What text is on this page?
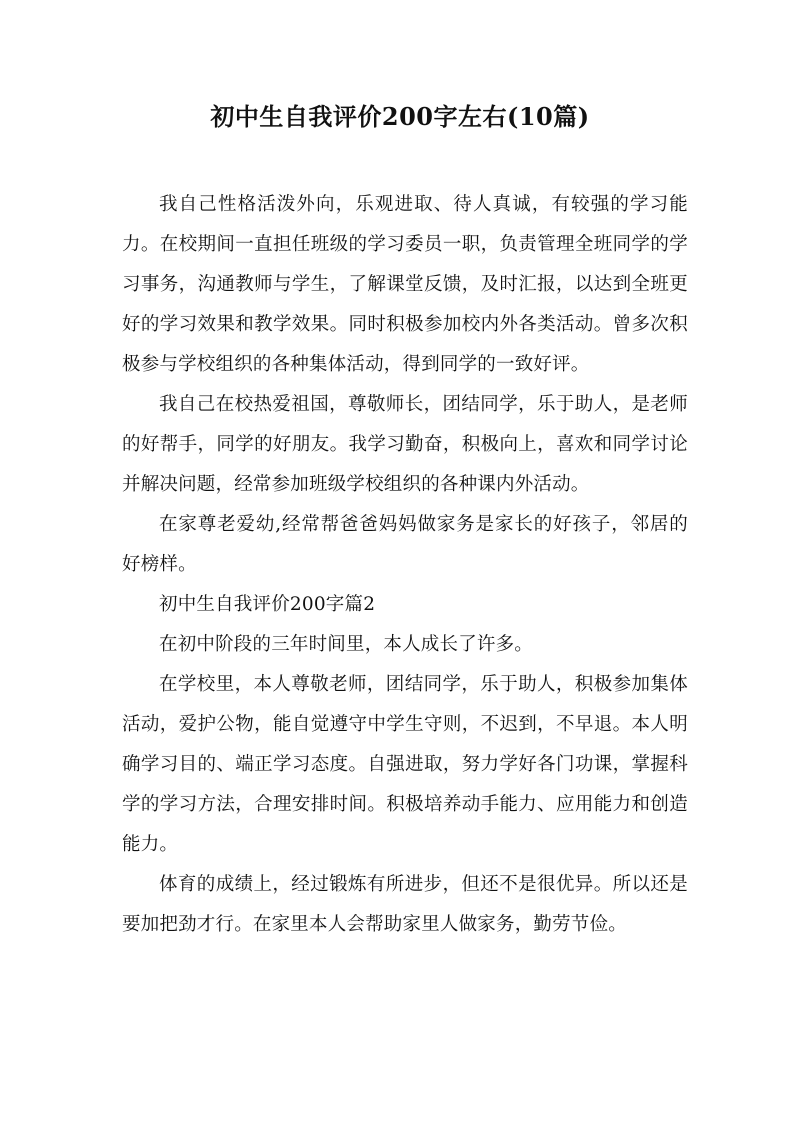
初中生自我评价200字左右(10篇)

我自己性格活泼外向，乐观进取、待人真诚，有较强的学习能力。在校期间一直担任班级的学习委员一职，负责管理全班同学的学习事务，沟通教师与学生，了解课堂反馈，及时汇报，以达到全班更好的学习效果和教学效果。同时积极参加校内外各类活动。曾多次积极参与学校组织的各种集体活动，得到同学的一致好评。

我自己在校热爱祖国，尊敬师长，团结同学，乐于助人，是老师的好帮手，同学的好朋友。我学习勤奋，积极向上，喜欢和同学讨论并解决问题，经常参加班级学校组织的各种课内外活动。

在家尊老爱幼,经常帮爸爸妈妈做家务是家长的好孩子，邻居的好榜样。

初中生自我评价200字篇2

在初中阶段的三年时间里，本人成长了许多。

在学校里，本人尊敬老师，团结同学，乐于助人，积极参加集体活动，爱护公物，能自觉遵守中学生守则，不迟到，不早退。本人明确学习目的、端正学习态度。自强进取，努力学好各门功课，掌握科学的学习方法，合理安排时间。积极培养动手能力、应用能力和创造能力。

体育的成绩上，经过锻炼有所进步，但还不是很优异。所以还是要加把劲才行。在家里本人会帮助家里人做家务，勤劳节俭。
